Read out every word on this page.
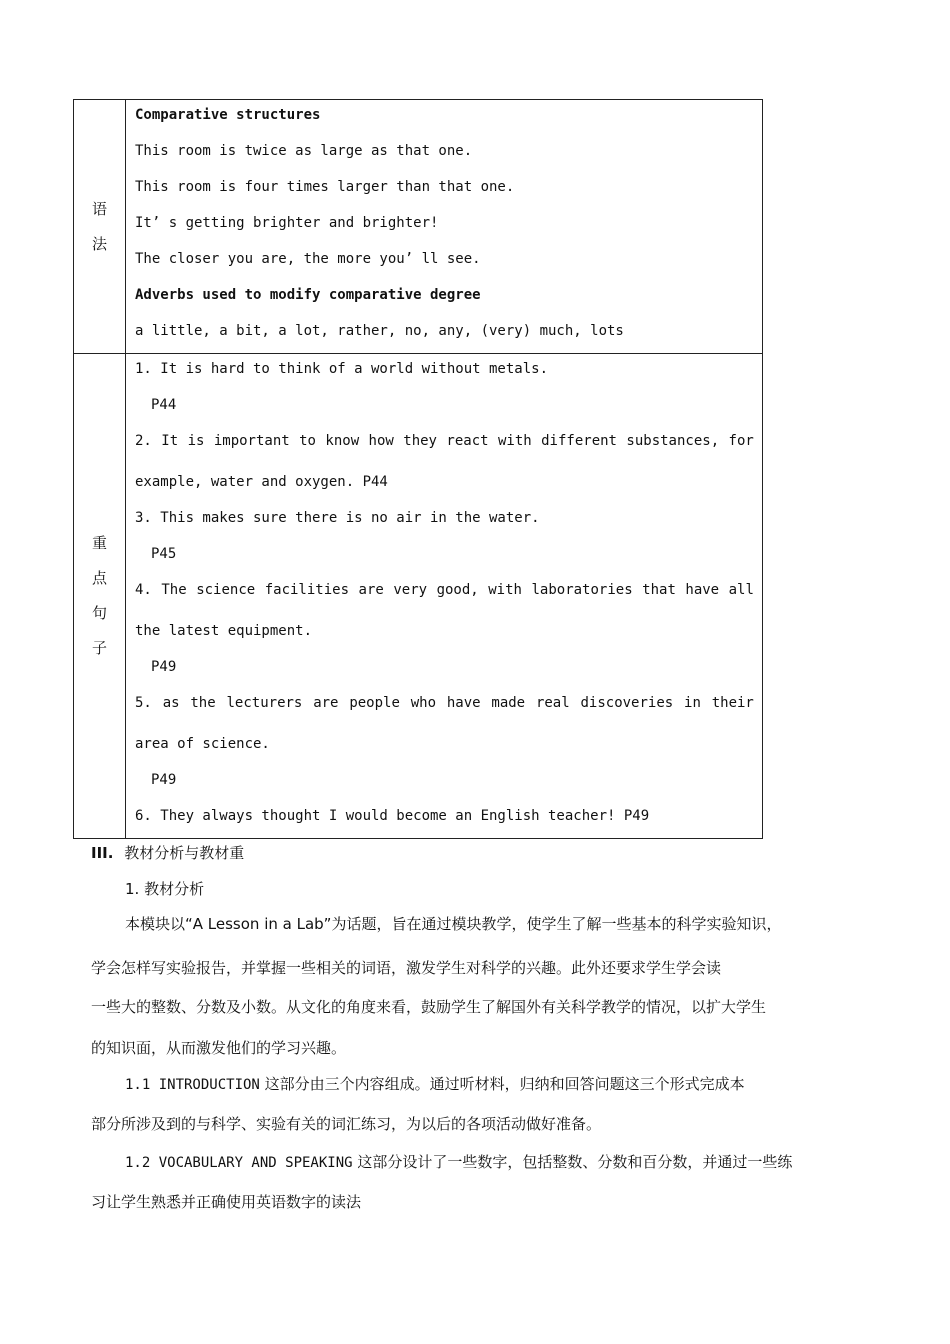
语
法
Comparative structures
This room is twice as large as that one.
This room is four times larger than that one.
It’ s getting brighter and brighter!
The closer you are, the more you’ ll see.
Adverbs used to modify comparative degree
a little, a bit, a lot, rather, no, any, (very) much, lots
重
点
句
子
1. It is hard to think of a world without metals.
P44
2. It is important to know how they react with different substances, for
example, water and oxygen. P44
3. This makes sure there is no air in the water.
P45
4. The science facilities are very good, with laboratories that have all
the latest equipment.
P49
5. as the lecturers are people who have made real discoveries in their
area of science.
P49
6. They always thought I would become an English teacher! P49
III. 教材分析与教材重
1. 教材分析
本模块以“A Lesson in a Lab”为话题，旨在通过模块教学，使学生了解一些基本的科学实验知识，
学会怎样写实验报告，并掌握一些相关的词语，激发学生对科学的兴趣。此外还要求学生学会读
一些大的整数、分数及小数。从文化的角度来看，鼓励学生了解国外有关科学教学的情况，以扩大学生
的知识面，从而激发他们的学习兴趣。
1.1 INTRODUCTION 这部分由三个内容组成。通过听材料，归纳和回答问题这三个形式完成本
部分所涉及到的与科学、实验有关的词汇练习，为以后的各项活动做好准备。
1.2 VOCABULARY AND SPEAKING 这部分设计了一些数字，包括整数、分数和百分数，并通过一些练
习让学生熟悉并正确使用英语数字的读法
